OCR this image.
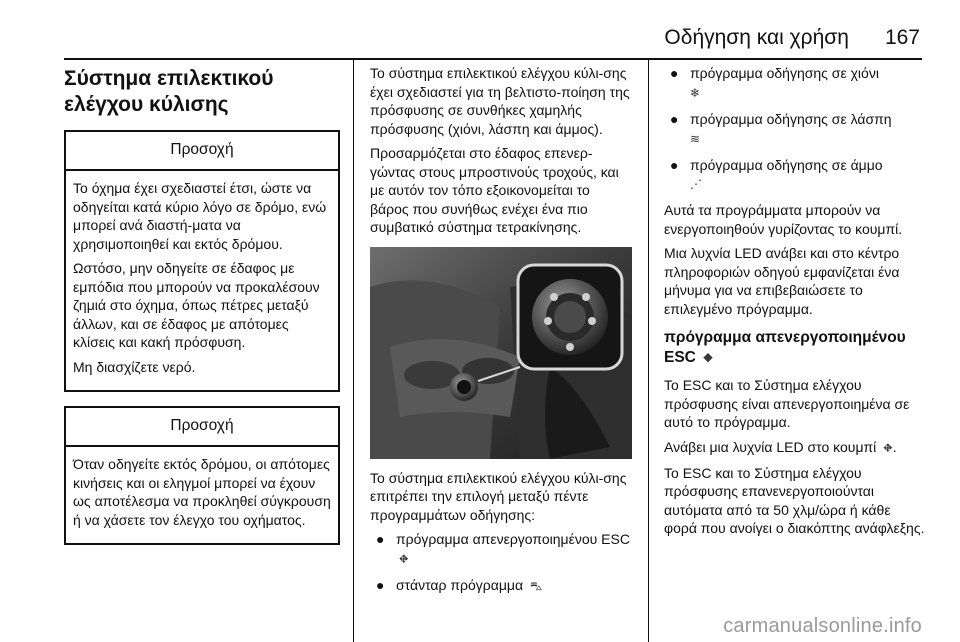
Οδήγηση και χρήση 167
Σύστημα επιλεκτικού ελέγχου κύλισης
Προσοχή

Το όχημα έχει σχεδιαστεί έτσι, ώστε να οδηγείται κατά κύριο λόγο σε δρόμο, ενώ μπορεί ανά διαστή-ματα να χρησιμοποιηθεί και εκτός δρόμου.

Ωστόσο, μην οδηγείτε σε έδαφος με εμπόδια που μπορούν να προκαλέσουν ζημιά στο όχημα, όπως πέτρες μεταξύ άλλων, και σε έδαφος με απότομες κλίσεις και κακή πρόσφυση.

Μη διασχίζετε νερό.

Προσοχή

Όταν οδηγείτε εκτός δρόμου, οι απότομες κινήσεις και οι εληγμοί μπορεί να έχουν ως αποτέλεσμα να προκληθεί σύγκρουση ή να χάσετε τον έλεγχο του οχήματος.

Το σύστημα επιλεκτικού ελέγχου κύλι-σης έχει σχεδιαστεί για τη βελτιστο-ποίηση της πρόσφυσης σε συνθήκες χαμηλής πρόσφυσης (χιόνι, λάσπη και άμμος).

Προσαρμόζεται στο έδαφος επενερ-γώντας στους μπροστινούς τροχούς, και με αυτόν τον τόπο εξοικονομείται το βάρος που συνήθως ενέχει ένα πιο συμβατικό σύστημα τετρακίνησης.

Το σύστημα επιλεκτικού ελέγχου κύλι-σης επιτρέπει την επιλογή μεταξύ πέντε προγραμμάτων οδήγησης:

● πρόγραμμα απενεργοποιημένου ESC ⛖
● στάνταρ πρόγραμμα ⛍
● πρόγραμμα οδήγησης σε χιόνι
❄
● πρόγραμμα οδήγησης σε λάσπη
≋
● πρόγραμμα οδήγησης σε άμμο
⋰

Αυτά τα προγράμματα μπορούν να ενεργοποιηθούν γυρίζοντας το κουμπί.

Μια λυχνία LED ανάβει και στο κέντρο πληροφοριών οδηγού εμφανίζεται ένα μήνυμα για να επιβεβαιώσετε το επιλεγμένο πρόγραμμα.

πρόγραμμα απενεργοποιημένου ESC ⛖

Το ESC και το Σύστημα ελέγχου πρόσφυσης είναι απενεργοποιημένα σε αυτό το πρόγραμμα.

Ανάβει μια λυχνία LED στο κουμπί ⛖.

Το ESC και το Σύστημα ελέγχου πρόσφυσης επανενεργοποιούνται αυτόματα από τα 50 χλμ/ώρα ή κάθε φορά που ανοίγει ο διακόπτης ανάφλεξης.

carmanualsonline.info
